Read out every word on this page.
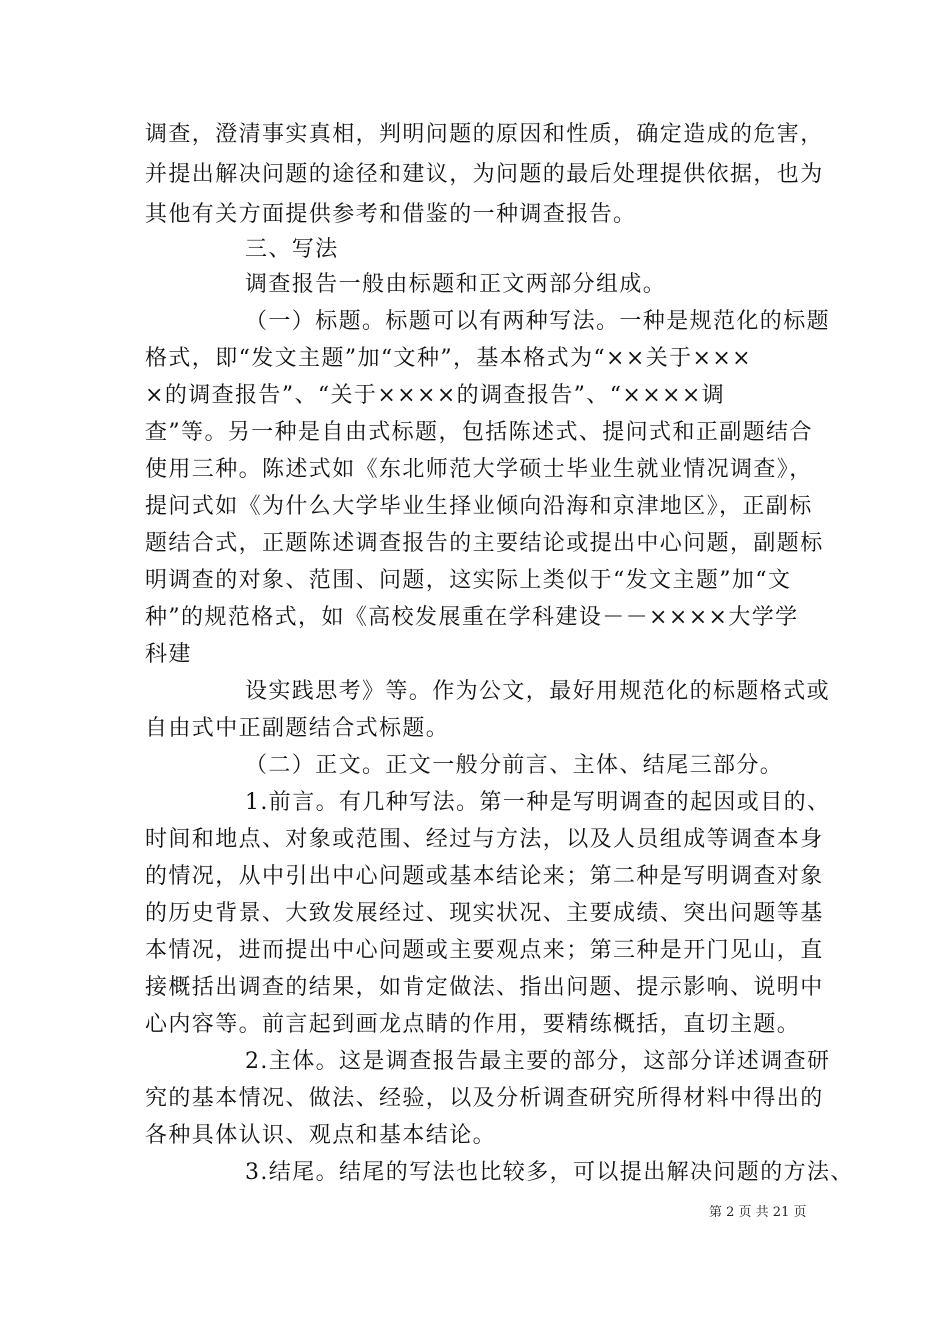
调查，澄清事实真相，判明问题的原因和性质，确定造成的危害，
并提出解决问题的途径和建议，为问题的最后处理提供依据，也为
其他有关方面提供参考和借鉴的一种调查报告。
三、写法
调查报告一般由标题和正文两部分组成。
（一）标题。标题可以有两种写法。一种是规范化的标题
格式，即“发文主题”加“文种”，基本格式为“××关于×××
×的调查报告”、“关于××××的调查报告”、“××××调
查”等。另一种是自由式标题，包括陈述式、提问式和正副题结合
使用三种。陈述式如《东北师范大学硕士毕业生就业情况调查》，
提问式如《为什么大学毕业生择业倾向沿海和京津地区》，正副标
题结合式，正题陈述调查报告的主要结论或提出中心问题，副题标
明调查的对象、范围、问题，这实际上类似于“发文主题”加“文
种”的规范格式，如《高校发展重在学科建设－－××××大学学
科建
设实践思考》等。作为公文，最好用规范化的标题格式或
自由式中正副题结合式标题。
（二）正文。正文一般分前言、主体、结尾三部分。
1.前言。有几种写法。第一种是写明调查的起因或目的、
时间和地点、对象或范围、经过与方法，以及人员组成等调查本身
的情况，从中引出中心问题或基本结论来；第二种是写明调查对象
的历史背景、大致发展经过、现实状况、主要成绩、突出问题等基
本情况，进而提出中心问题或主要观点来；第三种是开门见山，直
接概括出调查的结果，如肯定做法、指出问题、提示影响、说明中
心内容等。前言起到画龙点睛的作用，要精练概括，直切主题。
2.主体。这是调查报告最主要的部分，这部分详述调查研
究的基本情况、做法、经验，以及分析调查研究所得材料中得出的
各种具体认识、观点和基本结论。
3.结尾。结尾的写法也比较多，可以提出解决问题的方法、
第 2 页 共 21 页
